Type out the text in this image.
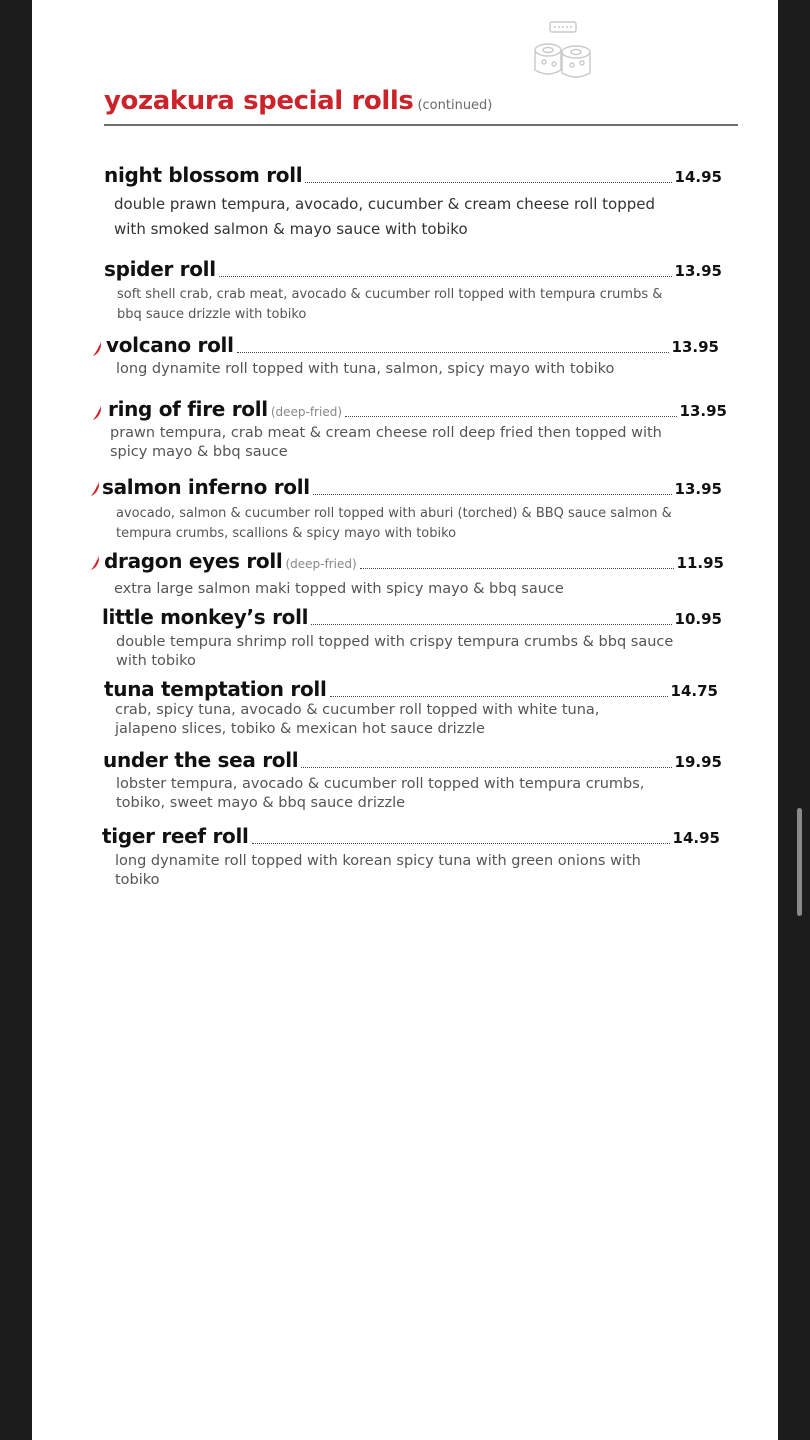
yozakura special rolls (continued)
night blossom roll	14.95
double prawn tempura, avocado, cucumber & cream cheese roll topped with smoked salmon & mayo sauce with tobiko
spider roll	13.95
soft shell crab, crab meat, avocado & cucumber roll topped with tempura crumbs & bbq sauce drizzle with tobiko
volcano roll	13.95
long dynamite roll topped with tuna, salmon, spicy mayo with tobiko
ring of fire roll (deep-fried)	13.95
prawn tempura, crab meat & cream cheese roll deep fried then topped with spicy mayo & bbq sauce
salmon inferno roll	13.95
avocado, salmon & cucumber roll topped with aburi (torched) & BBQ sauce salmon & tempura crumbs, scallions & spicy mayo with tobiko
dragon eyes roll (deep-fried)	11.95
extra large salmon maki topped with spicy mayo & bbq sauce
little monkey’s roll	10.95
double tempura shrimp roll topped with crispy tempura crumbs & bbq sauce with tobiko
tuna temptation roll	14.75
crab, spicy tuna, avocado & cucumber roll topped with white tuna, jalapeno slices, tobiko & mexican hot sauce drizzle
under the sea roll	19.95
lobster tempura, avocado & cucumber roll topped with tempura crumbs, tobiko, sweet mayo & bbq sauce drizzle
tiger reef roll	14.95
long dynamite roll topped with korean spicy tuna with green onions with tobiko
